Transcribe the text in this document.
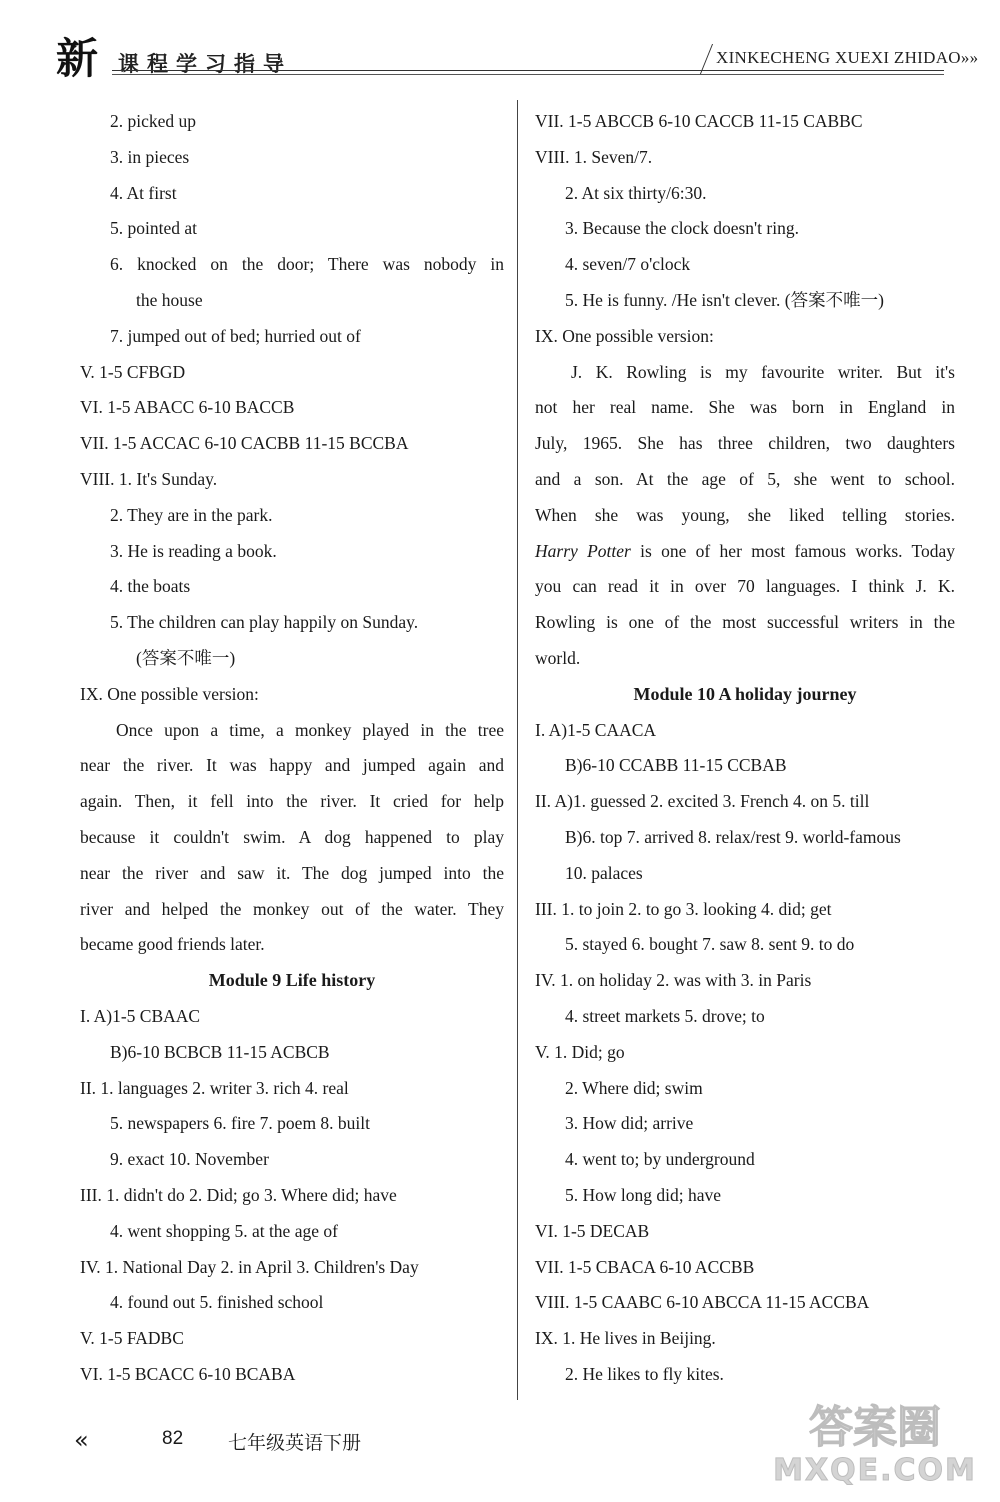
新 课程学习指导	XINKECHENG XUEXI ZHIDAO»»
2. picked up
3. in pieces
4. At first
5. pointed at
6. knocked on the door; There was nobody in
the house
7. jumped out of bed; hurried out of
V. 1-5 CFBGD
VI. 1-5 ABACC 6-10 BACCB
VII. 1-5 ACCAC 6-10 CACBB 11-15 BCCBA
VIII. 1. It's Sunday.
2. They are in the park.
3. He is reading a book.
4. the boats
5. The children can play happily on Sunday.
(答案不唯一)
IX. One possible version:
Once upon a time, a monkey played in the tree
near the river. It was happy and jumped again and
again. Then, it fell into the river. It cried for help
because it couldn't swim. A dog happened to play
near the river and saw it. The dog jumped into the
river and helped the monkey out of the water. They
became good friends later.
Module 9 Life history
I. A)1-5 CBAAC
B)6-10 BCBCB 11-15 ACBCB
II. 1. languages 2. writer 3. rich 4. real
5. newspapers 6. fire 7. poem 8. built
9. exact 10. November
III. 1. didn't do 2. Did; go 3. Where did; have
4. went shopping 5. at the age of
IV. 1. National Day 2. in April 3. Children's Day
4. found out 5. finished school
V. 1-5 FADBC
VI. 1-5 BCACC 6-10 BCABA
VII. 1-5 ABCCB 6-10 CACCB 11-15 CABBC
VIII. 1. Seven/7.
2. At six thirty/6:30.
3. Because the clock doesn't ring.
4. seven/7 o'clock
5. He is funny. /He isn't clever. (答案不唯一)
IX. One possible version:
J. K. Rowling is my favourite writer. But it's
not her real name. She was born in England in
July, 1965. She has three children, two daughters
and a son. At the age of 5, she went to school.
When she was young, she liked telling stories.
Harry Potter is one of her most famous works. Today
you can read it in over 70 languages. I think J. K.
Rowling is one of the most successful writers in the
world.
Module 10 A holiday journey
I. A)1-5 CAACA
B)6-10 CCABB 11-15 CCBAB
II. A)1. guessed 2. excited 3. French 4. on 5. till
B)6. top 7. arrived 8. relax/rest 9. world-famous
10. palaces
III. 1. to join 2. to go 3. looking 4. did; get
5. stayed 6. bought 7. saw 8. sent 9. to do
IV. 1. on holiday 2. was with 3. in Paris
4. street markets 5. drove; to
V. 1. Did; go
2. Where did; swim
3. How did; arrive
4. went to; by underground
5. How long did; have
VI. 1-5 DECAB
VII. 1-5 CBACA 6-10 ACCBB
VIII. 1-5 CAABC 6-10 ABCCA 11-15 ACCBA
IX. 1. He lives in Beijing.
2. He likes to fly kites.
«	82 七年级英语下册	答案圈
MXQE.COM
